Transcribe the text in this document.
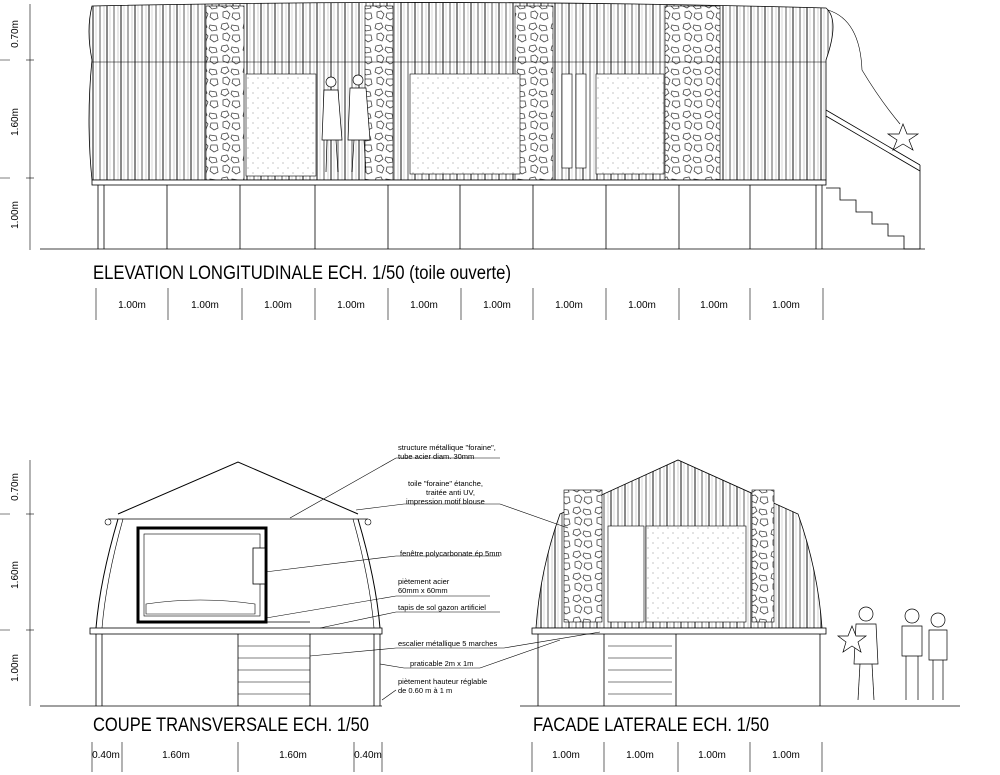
0.70m
1.60m
1.00m
ELEVATION LONGITUDINALE ECH. 1/50 (toile ouverte)
1.00m	1.00m	1.00m	1.00m	1.00m	1.00m	1.00m	1.00m	1.00m	1.00m
0.70m
1.60m
1.00m
COUPE TRANSVERSALE ECH. 1/50
0.40m	1.60m	1.60m	0.40m
FACADE LATERALE ECH. 1/50
1.00m	1.00m	1.00m	1.00m
structure métallique "foraine",
tube acier diam. 30mm
toile "foraine" étanche,
traitée anti UV,
impression motif blouse
fenêtre polycarbonate ép 5mm
piètement acier
60mm x 60mm
tapis de sol gazon artificiel
escalier métallique 5 marches
praticable 2m x 1m
piètement hauteur réglable
de 0.60 m à 1 m
